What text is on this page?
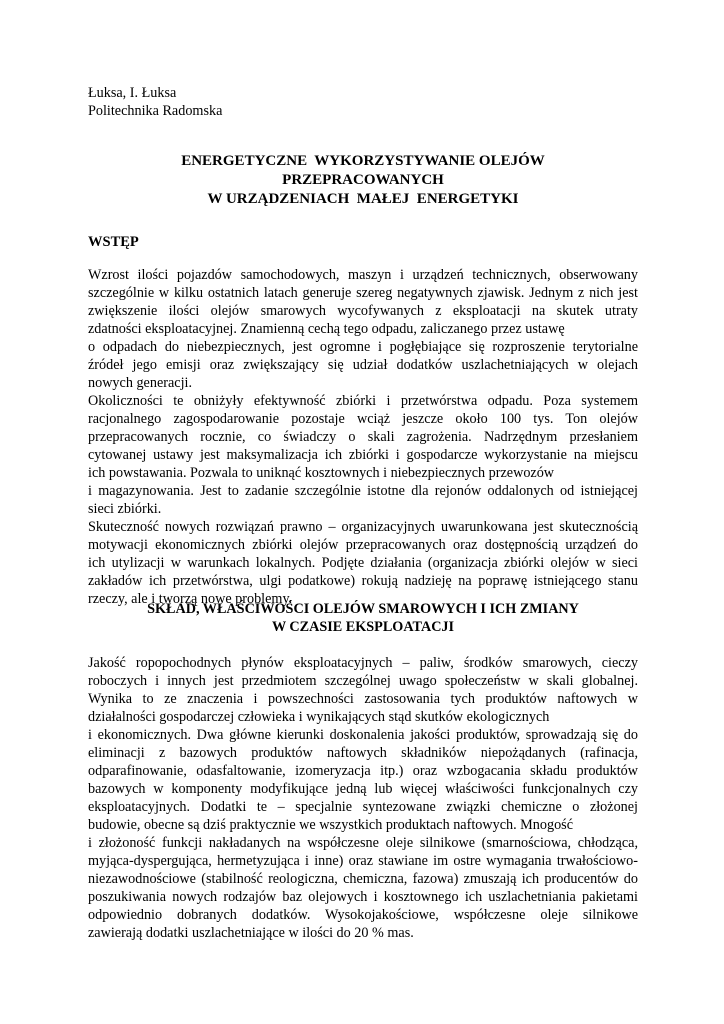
Łuksa, I. Łuksa
Politechnika Radomska
ENERGETYCZNE  WYKORZYSTYWANIE OLEJÓW
PRZEPRACOWANYCH
W URZĄDZENIACH  MAŁEJ  ENERGETYKI
WSTĘP
Wzrost ilości pojazdów samochodowych, maszyn i urządzeń technicznych, obserwowany
szczególnie w kilku ostatnich latach generuje szereg negatywnych zjawisk. Jednym z nich jest
zwiększenie ilości olejów smarowych wycofywanych z eksploatacji na skutek utraty
zdatności eksploatacyjnej. Znamienną cechą tego odpadu, zaliczanego przez ustawę
o odpadach do niebezpiecznych, jest ogromne i pogłębiające się rozproszenie terytorialne
źródeł jego emisji oraz zwiększający się udział dodatków uszlachetniających w olejach
nowych generacji.
Okoliczności te obniżyły efektywność zbiórki i przetwórstwa odpadu. Poza systemem
racjonalnego zagospodarowanie pozostaje wciąż jeszcze około 100 tys. Ton olejów
przepracowanych rocznie, co świadczy o skali zagrożenia. Nadrzędnym przesłaniem
cytowanej ustawy jest maksymalizacja ich zbiórki i gospodarcze wykorzystanie na miejscu
ich powstawania. Pozwala to uniknąć kosztownych i niebezpiecznych przewozów
i magazynowania. Jest to zadanie szczególnie istotne dla rejonów oddalonych od istniejącej
sieci zbiórki.
Skuteczność nowych rozwiązań prawno – organizacyjnych uwarunkowana jest skutecznością
motywacji ekonomicznych zbiórki olejów przepracowanych oraz dostępnością urządzeń do
ich utylizacji w warunkach lokalnych. Podjęte działania (organizacja zbiórki olejów w sieci
zakładów ich przetwórstwa, ulgi podatkowe) rokują nadzieję na poprawę istniejącego stanu
rzeczy, ale i tworzą nowe problemy.
SKŁAD, WŁAŚCIWOŚCI OLEJÓW SMAROWYCH I ICH ZMIANY
W CZASIE EKSPLOATACJI
Jakość ropopochodnych płynów eksploatacyjnych – paliw, środków smarowych, cieczy
roboczych i innych jest przedmiotem szczególnej uwago społeczeństw w skali globalnej.
Wynika to ze znaczenia i powszechności zastosowania tych produktów naftowych w
działalności gospodarczej człowieka i wynikających stąd skutków ekologicznych
i ekonomicznych. Dwa główne kierunki doskonalenia jakości produktów, sprowadzają się do
eliminacji z bazowych produktów naftowych składników niepożądanych (rafinacja,
odparafinowanie, odasfaltowanie, izomeryzacja itp.) oraz wzbogacania składu produktów
bazowych w komponenty modyfikujące jedną lub więcej właściwości funkcjonalnych czy
eksploatacyjnych. Dodatki te – specjalnie syntezowane związki chemiczne o złożonej
budowie, obecne są dziś praktycznie we wszystkich produktach naftowych. Mnogość
i złożoność funkcji nakładanych na współczesne oleje silnikowe (smarnościowa, chłodząca,
myjąca-dyspergująca, hermetyzująca i inne) oraz stawiane im ostre wymagania trwałościowo-
niezawodnościowe (stabilność reologiczna, chemiczna, fazowa) zmuszają ich producentów do
poszukiwania nowych rodzajów baz olejowych i kosztownego ich uszlachetniania pakietami
odpowiednio dobranych dodatków. Wysokojakościowe, współczesne oleje silnikowe
zawierają dodatki uszlachetniające w ilości do 20 % mas.
